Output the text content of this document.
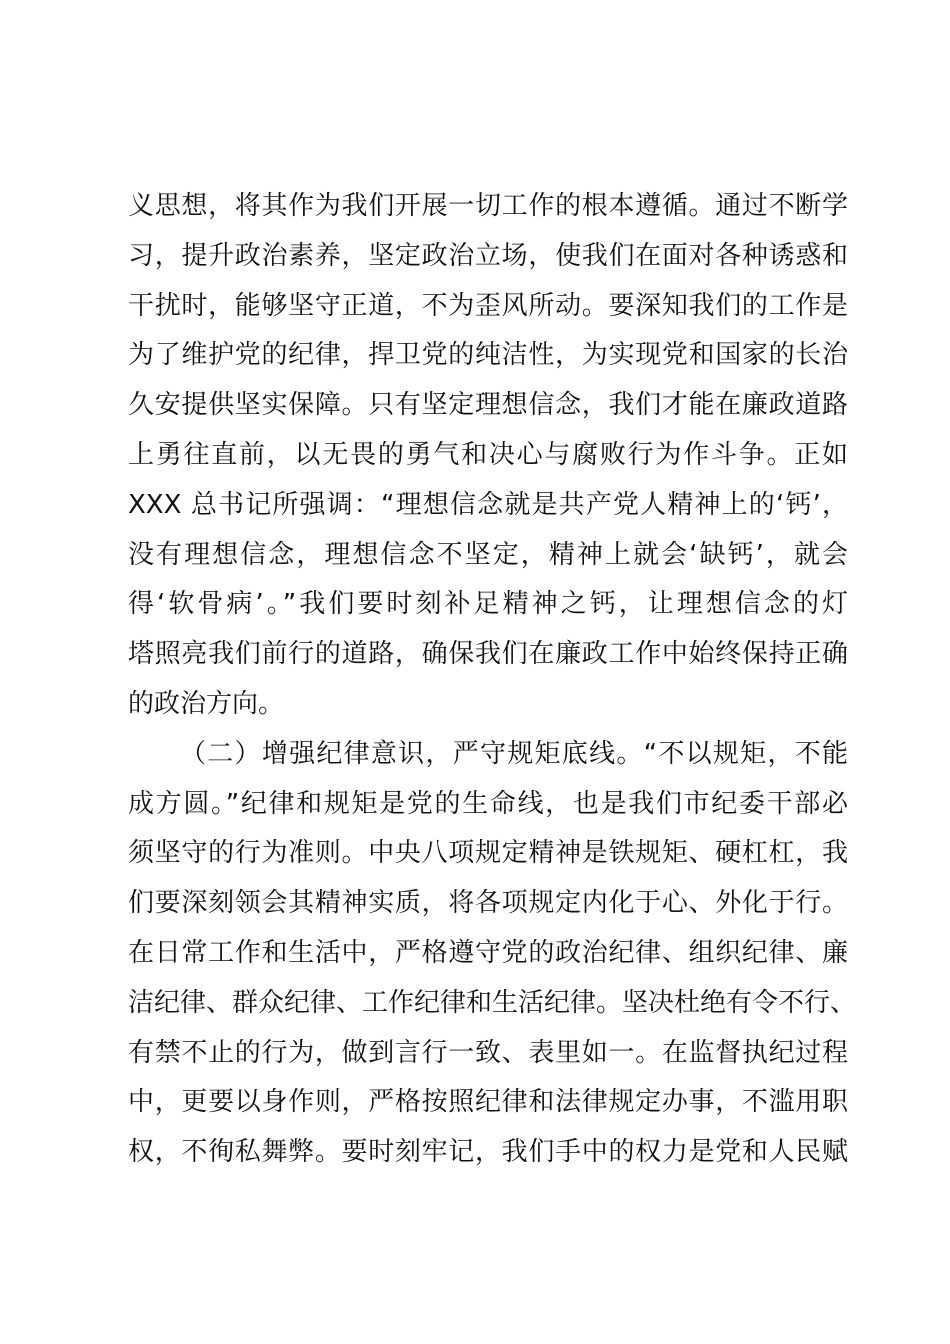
义思想，将其作为我们开展一切工作的根本遵循。通过不断学
习，提升政治素养，坚定政治立场，使我们在面对各种诱惑和
干扰时，能够坚守正道，不为歪风所动。要深知我们的工作是
为了维护党的纪律，捍卫党的纯洁性，为实现党和国家的长治
久安提供坚实保障。只有坚定理想信念，我们才能在廉政道路
上勇往直前，以无畏的勇气和决心与腐败行为作斗争。正如
XXX 总书记所强调：“理想信念就是共产党人精神上的‘钙’，
没有理想信念，理想信念不坚定，精神上就会‘缺钙’，就会
得‘软骨病’。”我们要时刻补足精神之钙，让理想信念的灯
塔照亮我们前行的道路，确保我们在廉政工作中始终保持正确
的政治方向。
（二）增强纪律意识，严守规矩底线。“不以规矩，不能
成方圆。”纪律和规矩是党的生命线，也是我们市纪委干部必
须坚守的行为准则。中央八项规定精神是铁规矩、硬杠杠，我
们要深刻领会其精神实质，将各项规定内化于心、外化于行。
在日常工作和生活中，严格遵守党的政治纪律、组织纪律、廉
洁纪律、群众纪律、工作纪律和生活纪律。坚决杜绝有令不行、
有禁不止的行为，做到言行一致、表里如一。在监督执纪过程
中，更要以身作则，严格按照纪律和法律规定办事，不滥用职
权，不徇私舞弊。要时刻牢记，我们手中的权力是党和人民赋
